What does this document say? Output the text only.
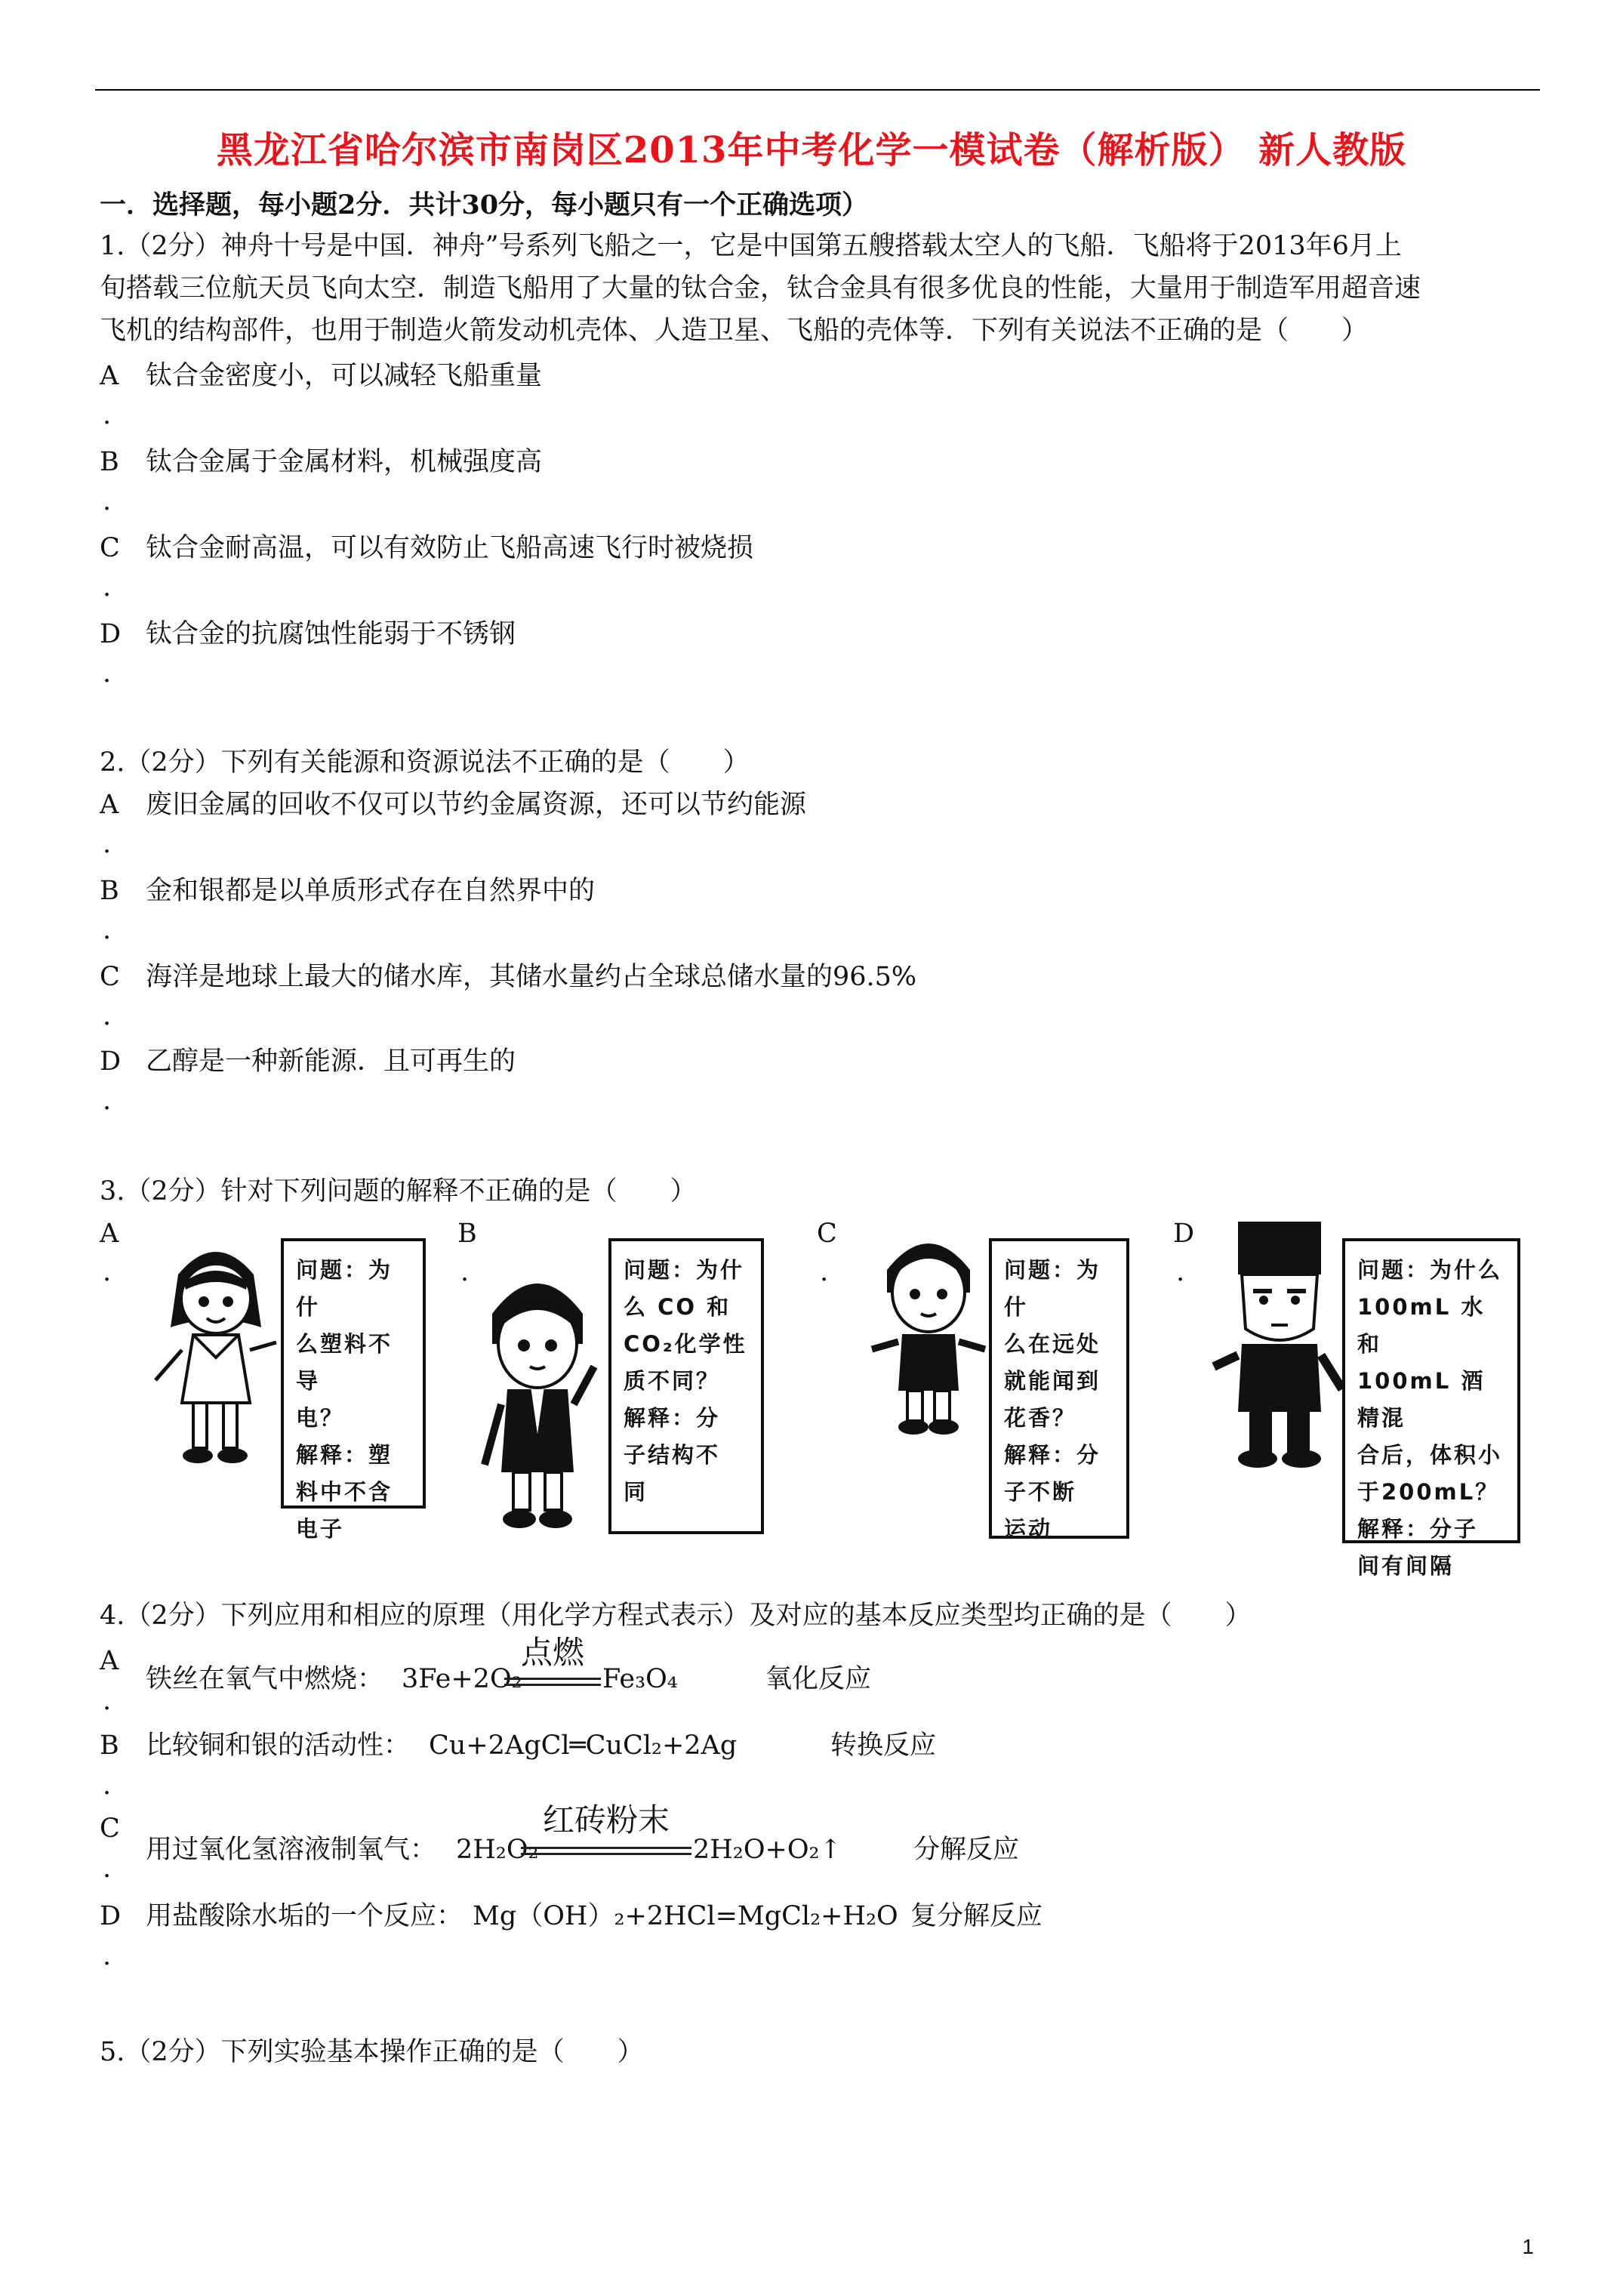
黑龙江省哈尔滨市南岗区2013年中考化学一模试卷（解析版） 新人教版
一．选择题，每小题2分．共计30分，每小题只有一个正确选项）
1.（2分）神舟十号是中国．神舟”号系列飞船之一，它是中国第五艘搭载太空人的飞船．飞船将于2013年6月上
旬搭载三位航天员飞向太空．制造飞船用了大量的钛合金，钛合金具有很多优良的性能，大量用于制造军用超音速
飞机的结构部件，也用于制造火箭发动机壳体、人造卫星、飞船的壳体等．下列有关说法不正确的是（　　）
A 钛合金密度小，可以减轻飞船重量
.
B 钛合金属于金属材料，机械强度高
.
C 钛合金耐高温，可以有效防止飞船高速飞行时被烧损
.
D 钛合金的抗腐蚀性能弱于不锈钢
.
2.（2分）下列有关能源和资源说法不正确的是（　　）
A 废旧金属的回收不仅可以节约金属资源，还可以节约能源
.
B 金和银都是以单质形式存在自然界中的
.
C 海洋是地球上最大的储水库，其储水量约占全球总储水量的96.5%
.
D 乙醇是一种新能源．且可再生的
.
3.（2分）针对下列问题的解释不正确的是（　　）
A
.	问题：为什
么塑料不导
电？
解释：塑
料中不含
电子
B
.	问题：为什
么 CO 和
CO₂化学性
质不同？
解释：分
子结构不
同
C
.	问题：为什
么在远处
就能闻到
花香？
解释：分
子不断
运动
D
.	问题：为什么
100mL 水和
100mL 酒精混
合后，体积小
于200mL？
解释：分子
间有间隔
4.（2分）下列应用和相应的原理（用化学方程式表示）及对应的基本反应类型均正确的是（　　）
A
.
铁丝在氧气中燃烧： 3Fe+2O₂
点燃
Fe₃O₄	氧化反应
B
.
比较铜和银的活动性： Cu+2AgCl═CuCl₂+2Ag	转换反应
C
.
用过氧化氢溶液制氧气： 2H₂O₂
红砖粉末
2H₂O+O₂↑	分解反应
D
.
用盐酸除水垢的一个反应： Mg（OH）₂+2HCl=MgCl₂+H₂O 复分解反应
5.（2分）下列实验基本操作正确的是（　　）
1
